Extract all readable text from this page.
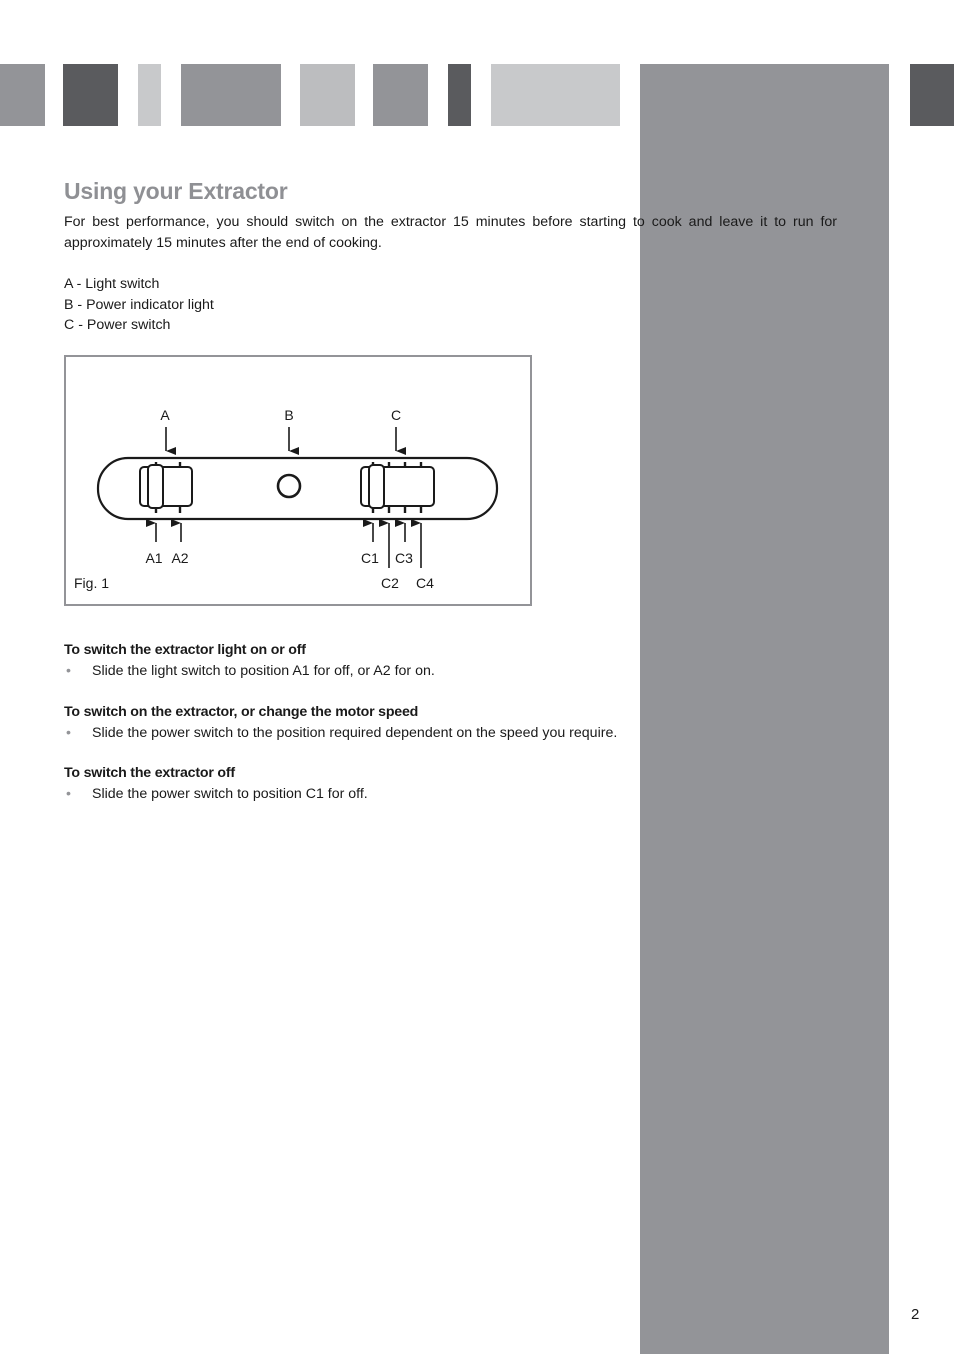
Using your Extractor

For best performance, you should switch on the extractor 15 minutes before starting to cook and leave it to run for approximately 15 minutes after the end of cooking.

A - Light switch
B - Power indicator light
C - Power switch
A	B	C
A1 A2	C1 C3
C2 C4
Fig. 1
To switch the extractor light on or off
• Slide the light switch to position A1 for off, or A2 for on.
To switch on the extractor, or change the motor speed
• Slide the power switch to the position required dependent on the speed you require.
To switch the extractor off
• Slide the power switch to position C1 for off.
2
